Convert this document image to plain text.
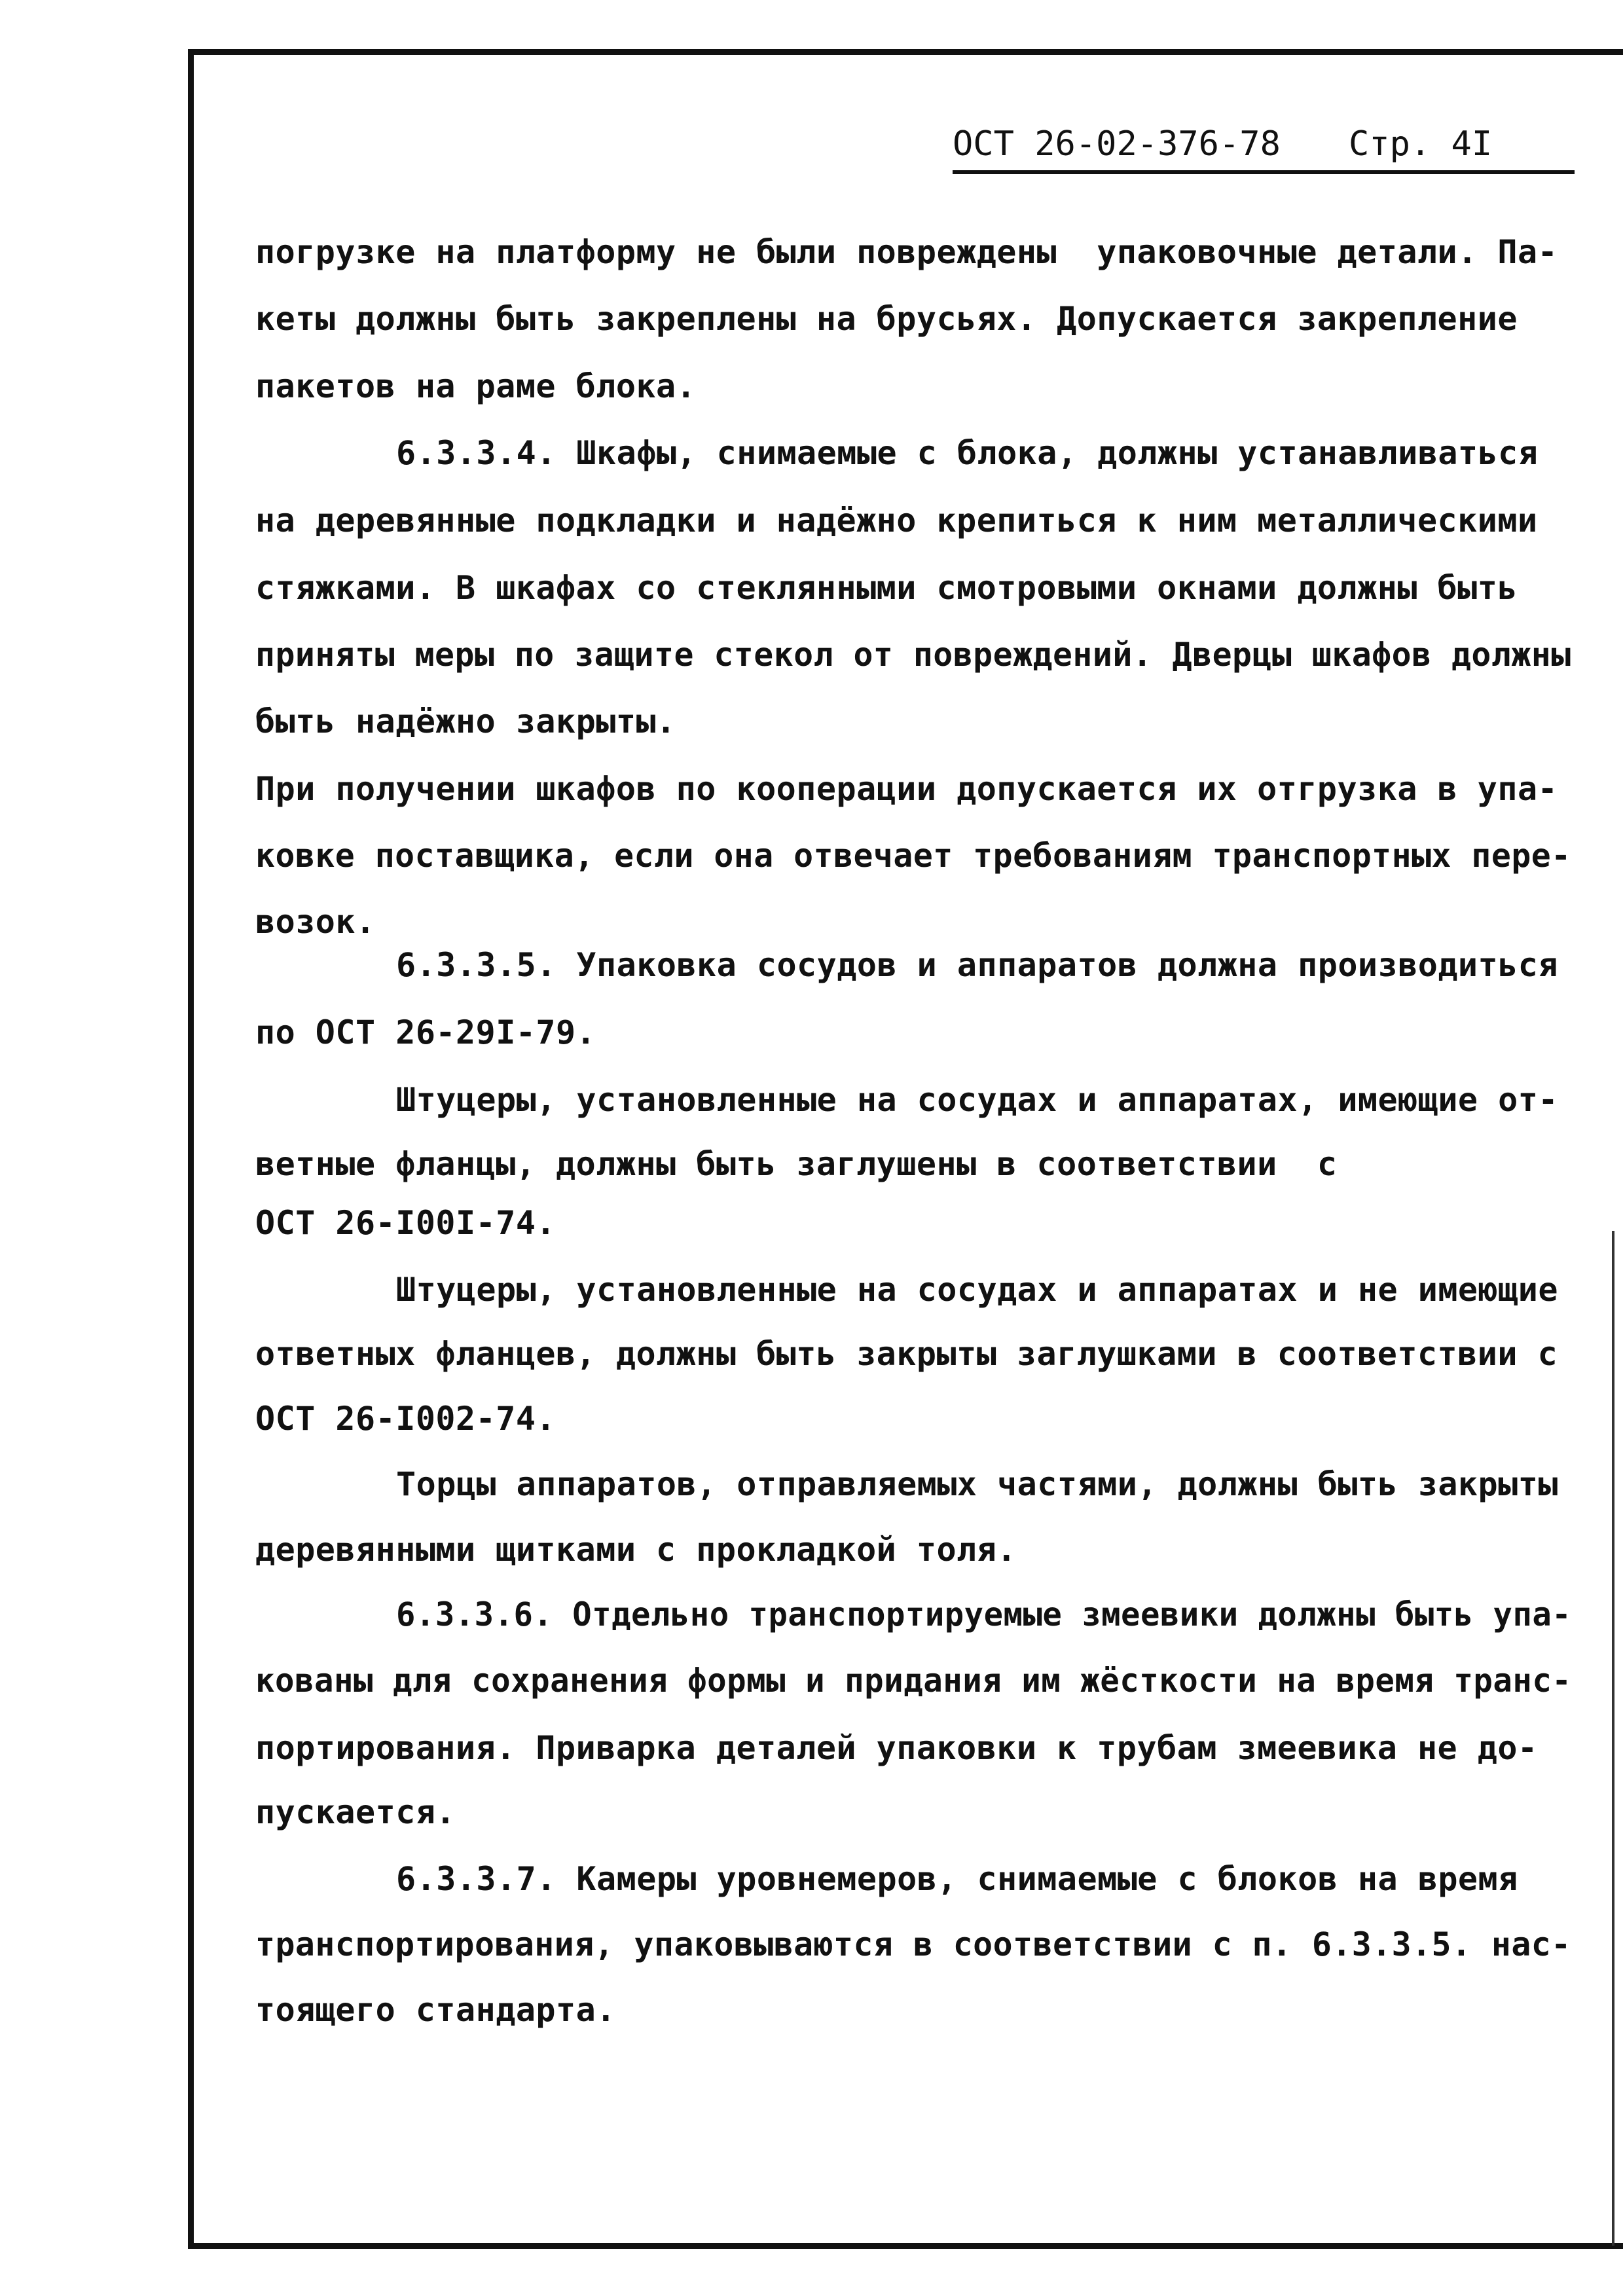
ОСТ 26-02-376-78

Стр. 4I

погрузке на платформу не были повреждены  упаковочные детали. Па-
кеты должны быть закреплены на брусьях. Допускается закрепление
пакетов на раме блока.
6.3.3.4. Шкафы, снимаемые с блока, должны устанавливаться
на деревянные подкладки и надёжно крепиться к ним металлическими
стяжками. В шкафах со стеклянными смотровыми окнами должны быть
приняты меры по защите стекол от повреждений. Дверцы шкафов должны
быть надёжно закрыты.
При получении шкафов по кооперации допускается их отгрузка в упа-
ковке поставщика, если она отвечает требованиям транспортных пере-
возок.
6.3.3.5. Упаковка сосудов и аппаратов должна производиться
по ОСТ 26-29I-79.
Штуцеры, установленные на сосудах и аппаратах, имеющие от-
ветные фланцы, должны быть заглушены в соответствии  с
ОСТ 26-I00I-74.
Штуцеры, установленные на сосудах и аппаратах и не имеющие
ответных фланцев, должны быть закрыты заглушками в соответствии с
ОСТ 26-I002-74.
Торцы аппаратов, отправляемых частями, должны быть закрыты
деревянными щитками с прокладкой толя.
6.3.3.6. Отдельно транспортируемые змеевики должны быть упа-
кованы для сохранения формы и придания им жёсткости на время транс-
портирования. Приварка деталей упаковки к трубам змеевика не до-
пускается.
6.3.3.7. Камеры уровнемеров, снимаемые с блоков на время
транспортирования, упаковываются в соответствии с п. 6.3.3.5. нас-
тоящего стандарта.
